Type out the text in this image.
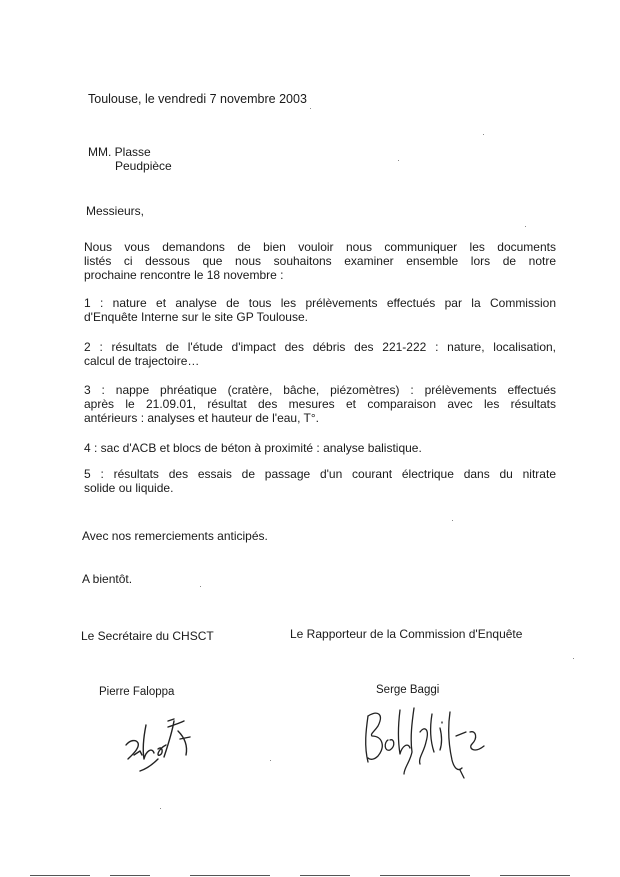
Toulouse, le vendredi 7 novembre 2003
MM. Plasse
Peudpièce
Messieurs,
Nous vous demandons de bien vouloir nous communiquer les documents
listés ci dessous que nous souhaitons examiner ensemble lors de notre
prochaine rencontre le 18 novembre :
1 : nature et analyse de tous les prélèvements effectués par la Commission
d'Enquête Interne sur le site GP Toulouse.
2 : résultats de l'étude d'impact des débris des 221-222 : nature, localisation,
calcul de trajectoire…
3 : nappe phréatique (cratère, bâche, piézomètres) : prélèvements effectués
après le 21.09.01, résultat des mesures et comparaison avec les résultats
antérieurs : analyses et hauteur de l'eau, T°.
4 : sac d'ACB et blocs de béton à proximité : analyse balistique.
5 : résultats des essais de passage d'un courant électrique dans du nitrate
solide ou liquide.
Avec nos remerciements anticipés.
A bientôt.
Le Secrétaire du CHSCT	Le Rapporteur de la Commission d'Enquête
Pierre Faloppa	Serge Baggi
